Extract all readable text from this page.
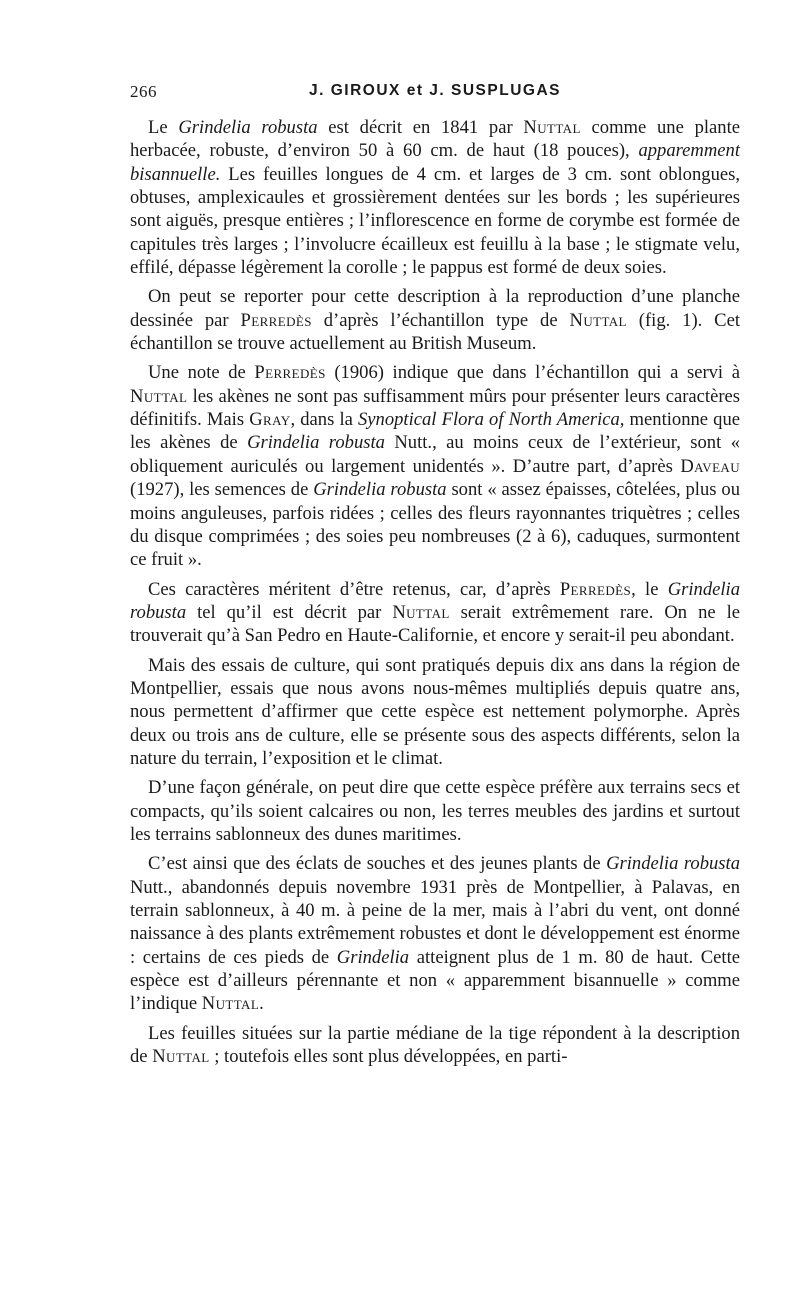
266	J. GIROUX et J. SUSPLUGAS

Le Grindelia robusta est décrit en 1841 par Nuttal comme une plante herbacée, robuste, d’environ 50 à 60 cm. de haut (18 pouces), apparemment bisannuelle. Les feuilles longues de 4 cm. et larges de 3 cm. sont oblongues, obtuses, amplexicaules et grossièrement dentées sur les bords ; les supérieures sont aiguës, presque entières ; l’inflorescence en forme de corymbe est formée de capitules très larges ; l’involucre écailleux est feuillu à la base ; le stigmate velu, effilé, dépasse légèrement la corolle ; le pappus est formé de deux soies.

On peut se reporter pour cette description à la reproduction d’une planche dessinée par Perredès d’après l’échantillon type de Nuttal (fig. 1). Cet échantillon se trouve actuellement au British Museum.

Une note de Perredès (1906) indique que dans l’échantillon qui a servi à Nuttal les akènes ne sont pas suffisamment mûrs pour présenter leurs caractères définitifs. Mais Gray, dans la Synoptical Flora of North America, mentionne que les akènes de Grindelia robusta Nutt., au moins ceux de l’extérieur, sont « obliquement auriculés ou largement unidentés ». D’autre part, d’après Daveau (1927), les semences de Grindelia robusta sont « assez épaisses, côtelées, plus ou moins anguleuses, parfois ridées ; celles des fleurs rayonnantes triquètres ; celles du disque comprimées ; des soies peu nombreuses (2 à 6), caduques, surmontent ce fruit ».

Ces caractères méritent d’être retenus, car, d’après Perredès, le Grindelia robusta tel qu’il est décrit par Nuttal serait extrêmement rare. On ne le trouverait qu’à San Pedro en Haute-Californie, et encore y serait-il peu abondant.

Mais des essais de culture, qui sont pratiqués depuis dix ans dans la région de Montpellier, essais que nous avons nous-mêmes multipliés depuis quatre ans, nous permettent d’affirmer que cette espèce est nettement polymorphe. Après deux ou trois ans de culture, elle se présente sous des aspects différents, selon la nature du terrain, l’exposition et le climat.

D’une façon générale, on peut dire que cette espèce préfère aux terrains secs et compacts, qu’ils soient calcaires ou non, les terres meubles des jardins et surtout les terrains sablonneux des dunes maritimes.

C’est ainsi que des éclats de souches et des jeunes plants de Grindelia robusta Nutt., abandonnés depuis novembre 1931 près de Montpellier, à Palavas, en terrain sablonneux, à 40 m. à peine de la mer, mais à l’abri du vent, ont donné naissance à des plants extrêmement robustes et dont le développement est énorme : certains de ces pieds de Grindelia atteignent plus de 1 m. 80 de haut. Cette espèce est d’ailleurs pérennante et non « apparemment bisannuelle » comme l’indique Nuttal.

Les feuilles situées sur la partie médiane de la tige répondent à la description de Nuttal ; toutefois elles sont plus développées, en parti-
